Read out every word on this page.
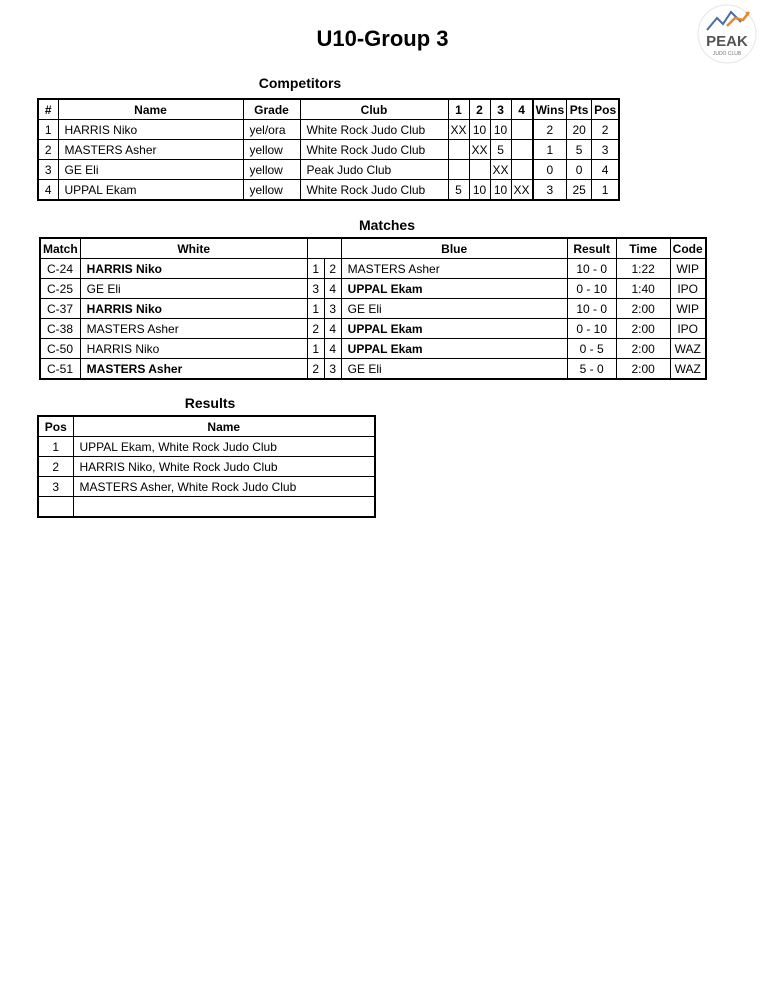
U10-Group 3	PEAK
JUDO CLUB
Competitors
#	Name	Grade	Club	1	2	3	4	Wins	Pts	Pos
1	HARRIS Niko	yel/ora	White Rock Judo Club	XX	10	10		2	20	2
2	MASTERS Asher	yellow	White Rock Judo Club		XX	5		1	5	3
3	GE Eli	yellow	Peak Judo Club			XX		0	0	4
4	UPPAL Ekam	yellow	White Rock Judo Club	5	10	10	XX	3	25	1
Matches
Match	White			Blue	Result	Time	Code
C-24	HARRIS Niko	1	2	MASTERS Asher	10 - 0	1:22	WIP
C-25	GE Eli	3	4	UPPAL Ekam	0 - 10	1:40	IPO
C-37	HARRIS Niko	1	3	GE Eli	10 - 0	2:00	WIP
C-38	MASTERS Asher	2	4	UPPAL Ekam	0 - 10	2:00	IPO
C-50	HARRIS Niko	1	4	UPPAL Ekam	0 - 5	2:00	WAZ
C-51	MASTERS Asher	2	3	GE Eli	5 - 0	2:00	WAZ
Results
Pos	Name
1	UPPAL Ekam, White Rock Judo Club
2	HARRIS Niko, White Rock Judo Club
3	MASTERS Asher, White Rock Judo Club
